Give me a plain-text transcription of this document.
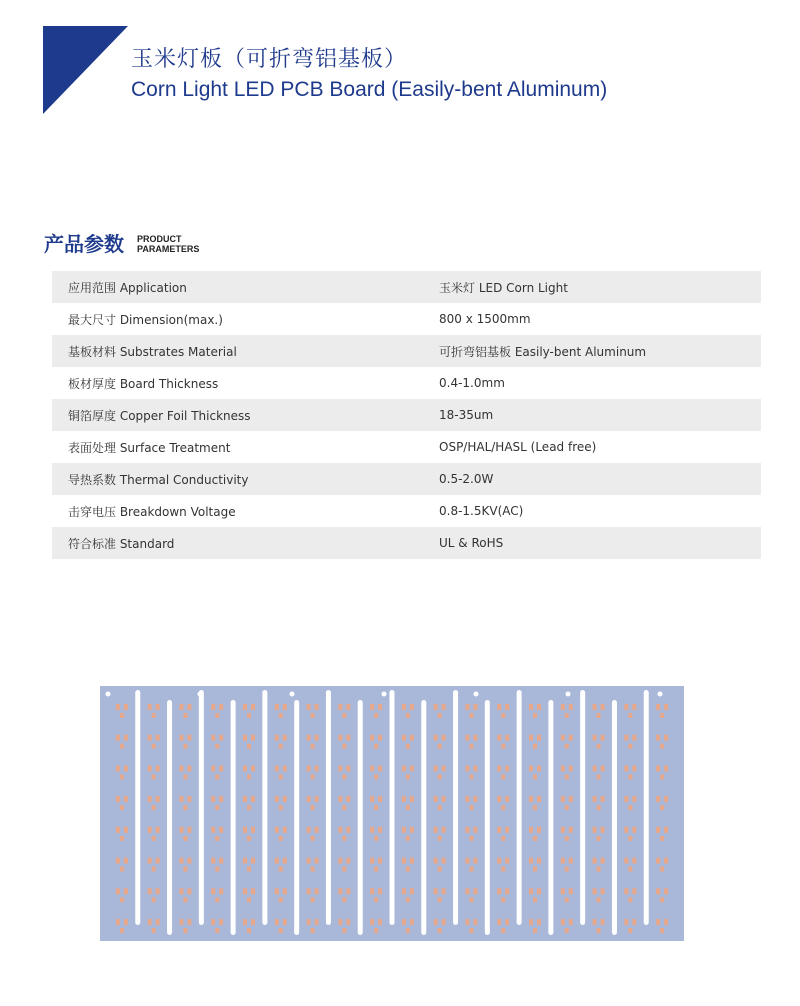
玉米灯板（可折弯铝基板）
Corn Light LED PCB Board (Easily-bent Aluminum)
产品参数 PRODUCT
PARAMETERS
应用范围 Application	玉米灯 LED Corn Light
最大尺寸 Dimension(max.)	800 x 1500mm
基板材料 Substrates Material	可折弯铝基板 Easily-bent Aluminum
板材厚度 Board Thickness	0.4-1.0mm
铜箔厚度 Copper Foil Thickness	18-35um
表面处理 Surface Treatment	OSP/HAL/HASL (Lead free)
导热系数 Thermal Conductivity	0.5-2.0W
击穿电压 Breakdown Voltage	0.8-1.5KV(AC)
符合标准 Standard	UL & RoHS
